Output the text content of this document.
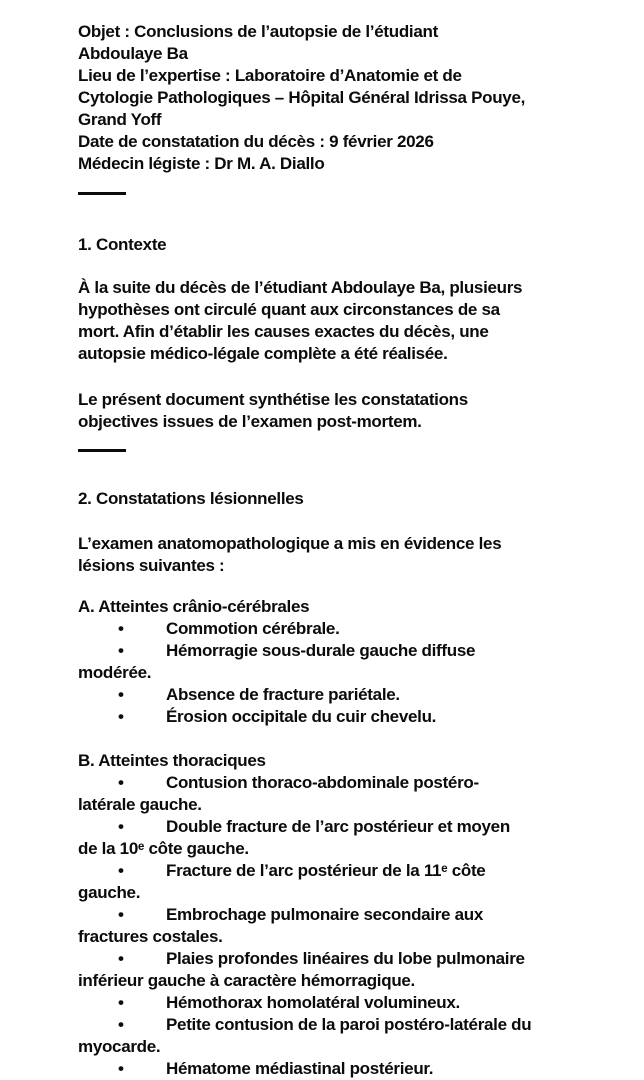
Objet : Conclusions de l’autopsie de l’étudiant
Abdoulaye Ba
Lieu de l’expertise : Laboratoire d’Anatomie et de
Cytologie Pathologiques – Hôpital Général Idrissa Pouye,
Grand Yoff
Date de constatation du décès : 9 février 2026
Médecin légiste : Dr M. A. Diallo
1. Contexte
À la suite du décès de l’étudiant Abdoulaye Ba, plusieurs
hypothèses ont circulé quant aux circonstances de sa
mort. Afin d’établir les causes exactes du décès, une
autopsie médico-légale complète a été réalisée.
Le présent document synthétise les constatations
objectives issues de l’examen post-mortem.
2. Constatations lésionnelles
L’examen anatomopathologique a mis en évidence les
lésions suivantes :
A. Atteintes crânio-cérébrales
• Commotion cérébrale.
• Hémorragie sous-durale gauche diffuse
modérée.
• Absence de fracture pariétale.
• Érosion occipitale du cuir chevelu.
B. Atteintes thoraciques
• Contusion thoraco-abdominale postéro-
latérale gauche.
• Double fracture de l’arc postérieur et moyen
de la 10ᵉ côte gauche.
• Fracture de l’arc postérieur de la 11ᵉ côte
gauche.
• Embrochage pulmonaire secondaire aux
fractures costales.
• Plaies profondes linéaires du lobe pulmonaire
inférieur gauche à caractère hémorragique.
• Hémothorax homolatéral volumineux.
• Petite contusion de la paroi postéro-latérale du
myocarde.
• Hématome médiastinal postérieur.
